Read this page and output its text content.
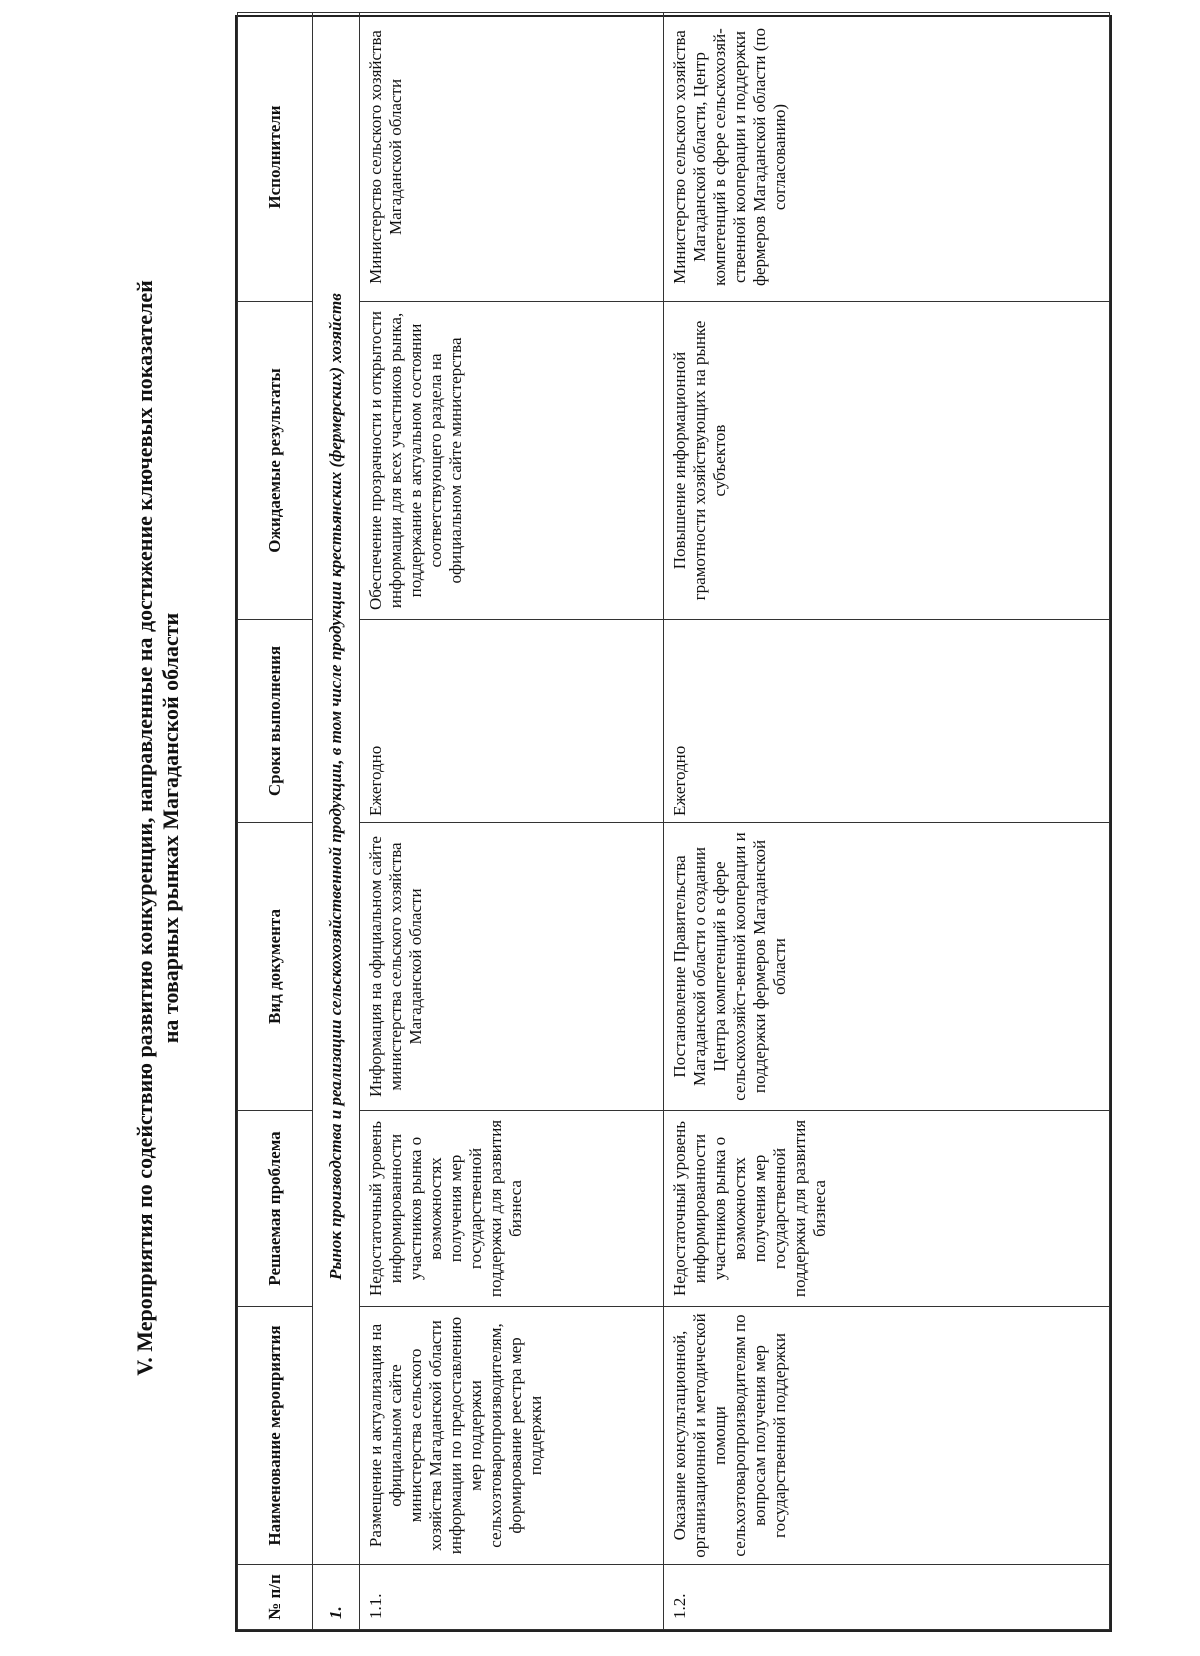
V. Мероприятия по содействию развитию конкуренции, направленные на достижение ключевых показателей на товарных рынках Магаданской области
№ п/п	Наименование мероприятия	Решаемая проблема	Вид документа	Сроки выполнения	Ожидаемые результаты	Исполнители
1.	Рынок производства и реализации сельскохозяйственной продукции, в том числе продукции крестьянских (фермерских) хозяйств					
1.1.	Размещение и актуализация на официальном сайте министерства сельского хозяйства Магаданской области информации по предоставлению мер поддержки сельхозтоваропроизводителям, формирование реестра мер поддержки	Недостаточный уровень информированности участников рынка о возможностях получения мер государственной поддержки для развития бизнеса	Информация на официальном сайте министерства сельского хозяйства Магаданской области	Ежегодно	Обеспечение прозрачности и открытости информации для всех участников рынка, поддержание в актуальном состоянии соответствующего раздела на официальном сайте министерства	Министерство сельского хозяйства Магаданской области
1.2.	Оказание консультационной, организационной и методической помощи сельхозтоваропроизводителям по вопросам получения мер государственной поддержки	Недостаточный уровень информированности участников рынка о возможностях получения мер государственной поддержки для развития бизнеса	Постановление Правительства Магаданской области о создании Центра компетенций в сфере сельскохозяйст-венной кооперации и поддержки фермеров Магаданской области	Ежегодно	Повышение информационной грамотности хозяйствующих на рынке субъектов	Министерство сельского хозяйства Магаданской области, Центр компетенций в сфере сельскохозяй-ственной кооперации и поддержки фермеров Магаданской области (по согласованию)
